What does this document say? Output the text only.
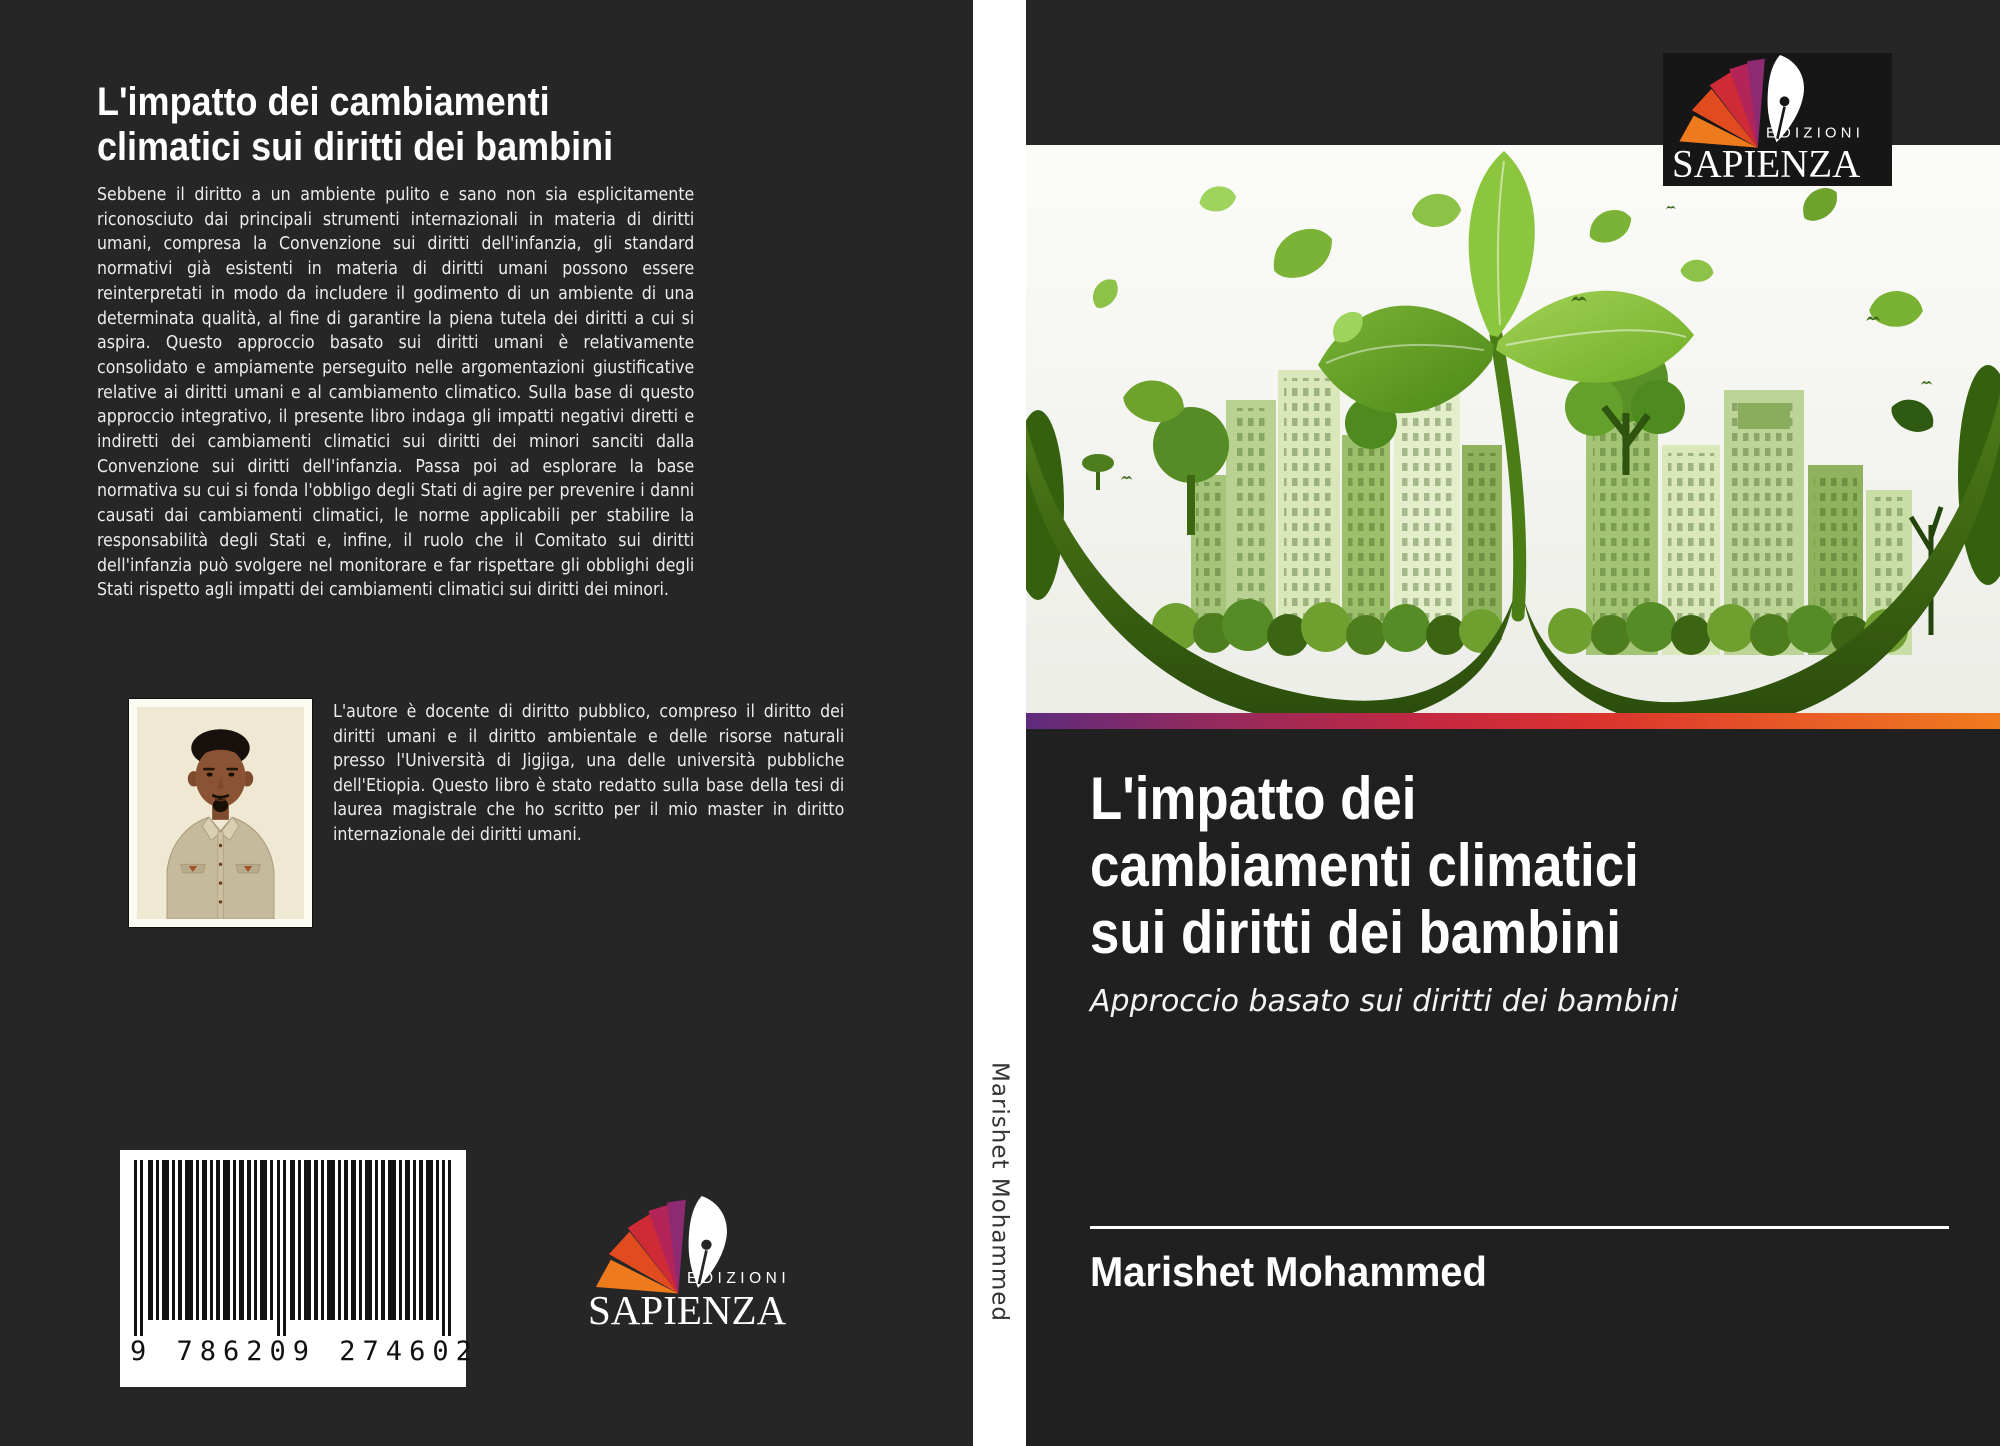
L'impatto dei cambiamenti
climatici sui diritti dei bambini

Sebbene il diritto a un ambiente pulito e sano non sia esplicitamente riconosciuto dai principali strumenti internazionali in materia di diritti umani, compresa la Convenzione sui diritti dell'infanzia, gli standard normativi già esistenti in materia di diritti umani possono essere reinterpretati in modo da includere il godimento di un ambiente di una determinata qualità, al fine di garantire la piena tutela dei diritti a cui si aspira. Questo approccio basato sui diritti umani è relativamente consolidato e ampiamente perseguito nelle argomentazioni giustificative relative ai diritti umani e al cambiamento climatico. Sulla base di questo approccio integrativo, il presente libro indaga gli impatti negativi diretti e indiretti dei cambiamenti climatici sui diritti dei minori sanciti dalla Convenzione sui diritti dell'infanzia. Passa poi ad esplorare la base normativa su cui si fonda l'obbligo degli Stati di agire per prevenire i danni causati dai cambiamenti climatici, le norme applicabili per stabilire la responsabilità degli Stati e, infine, il ruolo che il Comitato sui diritti dell'infanzia può svolgere nel monitorare e far rispettare gli obblighi degli Stati rispetto agli impatti dei cambiamenti climatici sui diritti dei minori.

L'autore è docente di diritto pubblico, compreso il diritto dei diritti umani e il diritto ambientale e delle risorse naturali presso l'Università di Jigjiga, una delle università pubbliche dell'Etiopia. Questo libro è stato redatto sulla base della tesi di laurea magistrale che ho scritto per il mio master in diritto internazionale dei diritti umani.

9 786209 274602
EDIZIONI
SAPIENZA	Marishet Mohammed
EDIZIONI
SAPIENZA
L'impatto dei
cambiamenti climatici
sui diritti dei bambini
Approccio basato sui diritti dei bambini
Marishet Mohammed
